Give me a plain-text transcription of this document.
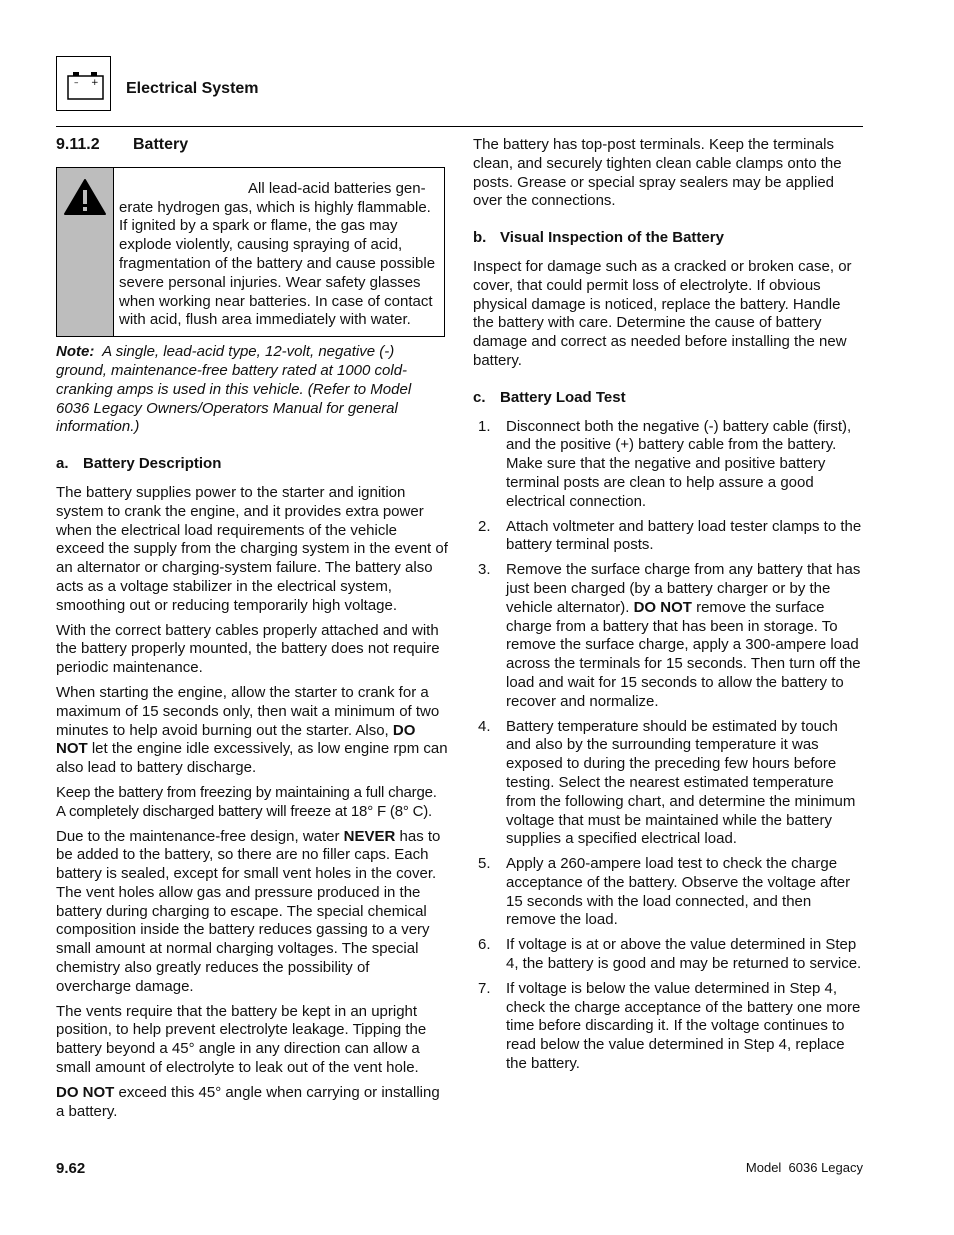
– + Electrical System
9.11.2	Battery
All lead-acid batteries gen-
erate hydrogen gas, which is highly flammable. If ignited by a spark or flame, the gas may explode violently, causing spraying of acid, fragmentation of the battery and cause possible severe personal injuries. Wear safety glasses when working near batteries. In case of contact with acid, flush area immediately with water.

Note: A single, lead-acid type, 12-volt, negative (-) ground, maintenance-free battery rated at 1000 cold-cranking amps is used in this vehicle. (Refer to Model 6036 Legacy Owners/Operators Manual for general information.)

a. Battery Description

The battery supplies power to the starter and ignition system to crank the engine, and it provides extra power when the electrical load requirements of the vehicle exceed the supply from the charging system in the event of an alternator or charging-system failure. The battery also acts as a voltage stabilizer in the electrical system, smoothing out or reducing temporarily high voltage.

With the correct battery cables properly attached and with the battery properly mounted, the battery does not require periodic maintenance.

When starting the engine, allow the starter to crank for a maximum of 15 seconds only, then wait a minimum of two minutes to help avoid burning out the starter. Also, DO NOT let the engine idle excessively, as low engine rpm can also lead to battery discharge.

Keep the battery from freezing by maintaining a full charge. A completely discharged battery will freeze at 18° F (8° C).

Due to the maintenance-free design, water NEVER has to be added to the battery, so there are no filler caps. Each battery is sealed, except for small vent holes in the cover. The vent holes allow gas and pressure produced in the battery during charging to escape. The special chemical composition inside the battery reduces gassing to a very small amount at normal charging voltages. The special chemistry also greatly reduces the possibility of overcharge damage.

The vents require that the battery be kept in an upright position, to help prevent electrolyte leakage. Tipping the battery beyond a 45° angle in any direction can allow a small amount of electrolyte to leak out of the vent hole.

DO NOT exceed this 45° angle when carrying or installing a battery.

The battery has top-post terminals. Keep the terminals clean, and securely tighten clean cable clamps onto the posts. Grease or special spray sealers may be applied over the connections.

b. Visual Inspection of the Battery

Inspect for damage such as a cracked or broken case, or cover, that could permit loss of electrolyte. If obvious physical damage is noticed, replace the battery. Handle the battery with care. Determine the cause of battery damage and correct as needed before installing the new battery.

c. Battery Load Test
1.	Disconnect both the negative (-) battery cable (first), and the positive (+) battery cable from the battery. Make sure that the negative and positive battery terminal posts are clean to help assure a good electrical connection.
2.	Attach voltmeter and battery load tester clamps to the battery terminal posts.
3.	Remove the surface charge from any battery that has just been charged (by a battery charger or by the vehicle alternator). DO NOT remove the surface charge from a battery that has been in storage. To remove the surface charge, apply a 300-ampere load across the terminals for 15 seconds. Then turn off the load and wait for 15 seconds to allow the battery to recover and normalize.
4.	Battery temperature should be estimated by touch and also by the surrounding temperature it was exposed to during the preceding few hours before testing. Select the nearest estimated temperature from the following chart, and determine the minimum voltage that must be maintained while the battery supplies a specified electrical load.
5.	Apply a 260-ampere load test to check the charge acceptance of the battery. Observe the voltage after 15 seconds with the load connected, and then remove the load.
6.	If voltage is at or above the value determined in Step 4, the battery is good and may be returned to service.
7.	If voltage is below the value determined in Step 4, check the charge acceptance of the battery one more time before discarding it. If the voltage continues to read below the value determined in Step 4, replace the battery.
9.62	Model  6036 Legacy
